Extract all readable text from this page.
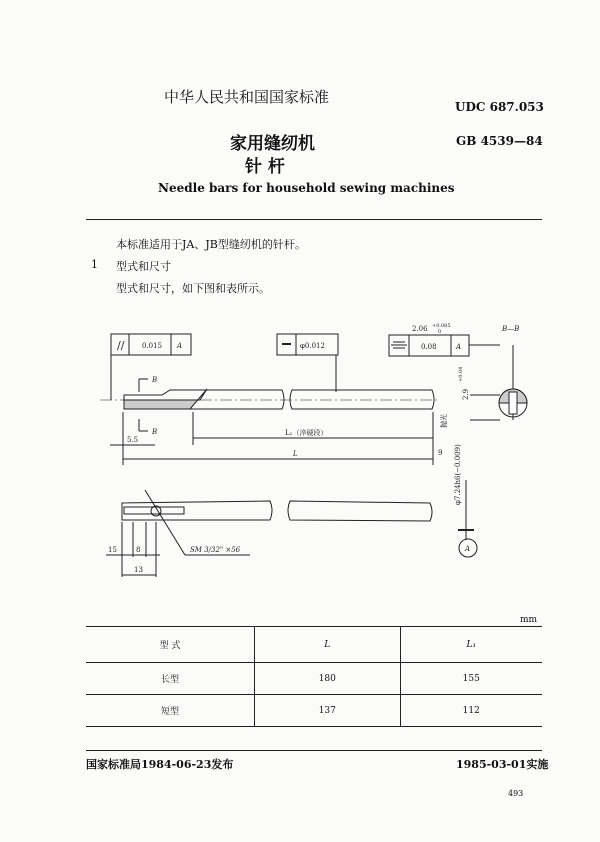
中华人民共和国国家标准
UDC 687.053
家用缝纫机	GB 4539—84
针 杆
Needle bars for household sewing machines
本标准适用于JA、JB型缝纫机的针杆。
1 型式和尺寸
型式和尺寸，如下图和表所示。
//	0.015 A	φ0.012	0.08	A
2.06 +0.085
0	B—B
B
B
5.5
L₁（淬硬段）
L	9
抛光
2.9
+0.04
SM 3/32" ×56
15	8
13
A
φ7.24h6(−0.009)
mm
型 式	L	L₁
长型	180	155
短型	137	112
国家标准局1984-06-23发布	1985-03-01实施
493
